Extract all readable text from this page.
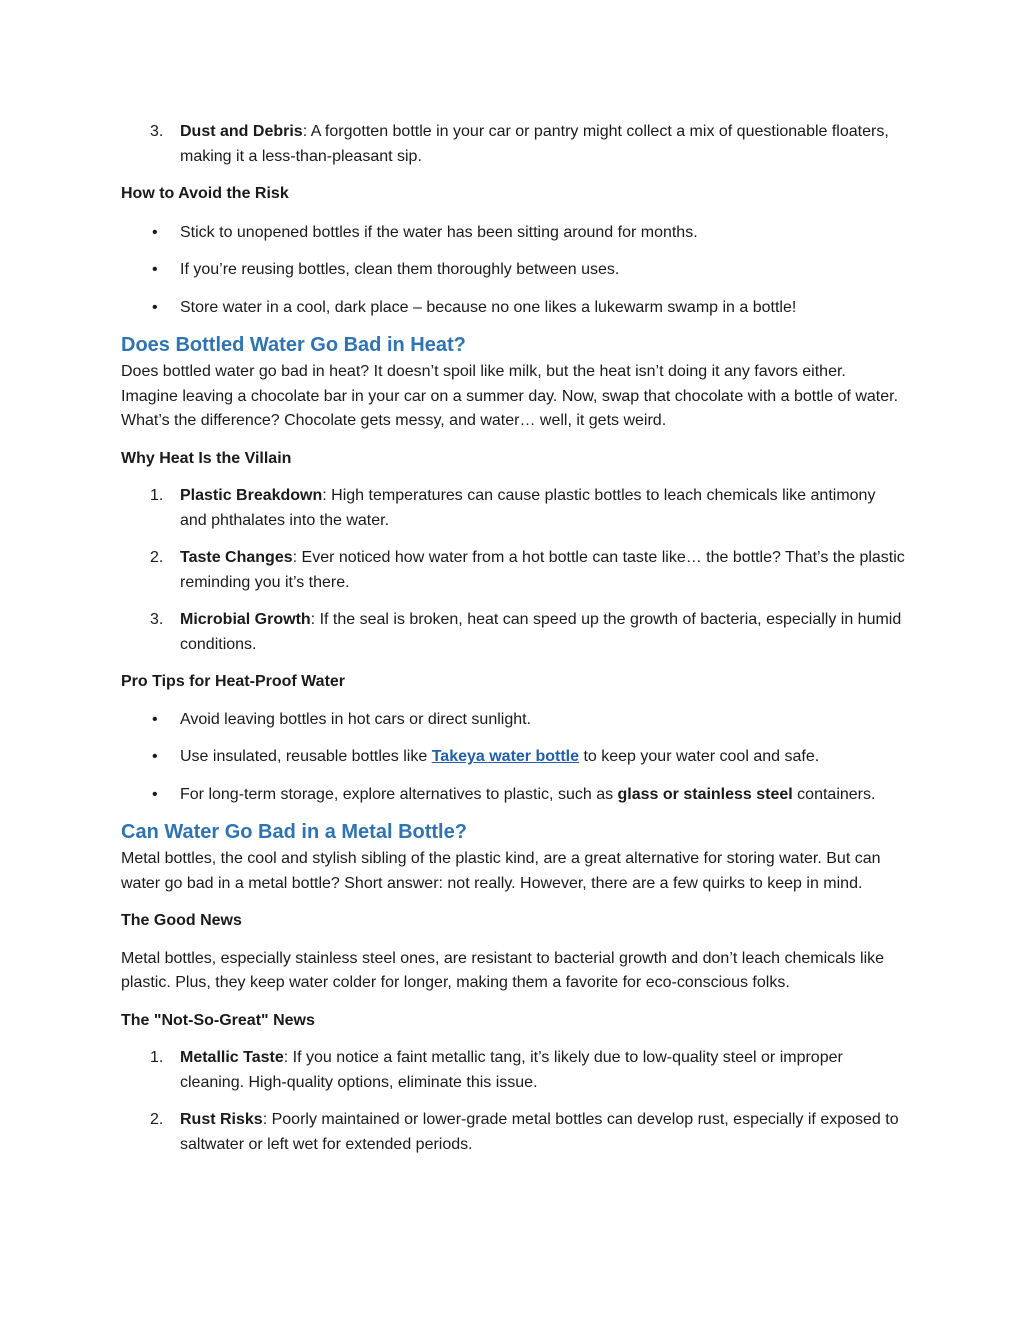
3. Dust and Debris: A forgotten bottle in your car or pantry might collect a mix of questionable floaters, making it a less-than-pleasant sip.

How to Avoid the Risk

• Stick to unopened bottles if the water has been sitting around for months.
• If you’re reusing bottles, clean them thoroughly between uses.
• Store water in a cool, dark place – because no one likes a lukewarm swamp in a bottle!
Does Bottled Water Go Bad in Heat?

Does bottled water go bad in heat? It doesn’t spoil like milk, but the heat isn’t doing it any favors either. Imagine leaving a chocolate bar in your car on a summer day. Now, swap that chocolate with a bottle of water. What’s the difference? Chocolate gets messy, and water… well, it gets weird.

Why Heat Is the Villain

1. Plastic Breakdown: High temperatures can cause plastic bottles to leach chemicals like antimony and phthalates into the water.
2. Taste Changes: Ever noticed how water from a hot bottle can taste like… the bottle? That’s the plastic reminding you it’s there.
3. Microbial Growth: If the seal is broken, heat can speed up the growth of bacteria, especially in humid conditions.

Pro Tips for Heat-Proof Water

• Avoid leaving bottles in hot cars or direct sunlight.
• Use insulated, reusable bottles like Takeya water bottle to keep your water cool and safe.
• For long-term storage, explore alternatives to plastic, such as glass or stainless steel containers.
Can Water Go Bad in a Metal Bottle?

Metal bottles, the cool and stylish sibling of the plastic kind, are a great alternative for storing water. But can water go bad in a metal bottle? Short answer: not really. However, there are a few quirks to keep in mind.

The Good News

Metal bottles, especially stainless steel ones, are resistant to bacterial growth and don’t leach chemicals like plastic. Plus, they keep water colder for longer, making them a favorite for eco-conscious folks.

The "Not-So-Great" News

1. Metallic Taste: If you notice a faint metallic tang, it’s likely due to low-quality steel or improper cleaning. High-quality options, eliminate this issue.
2. Rust Risks: Poorly maintained or lower-grade metal bottles can develop rust, especially if exposed to saltwater or left wet for extended periods.
